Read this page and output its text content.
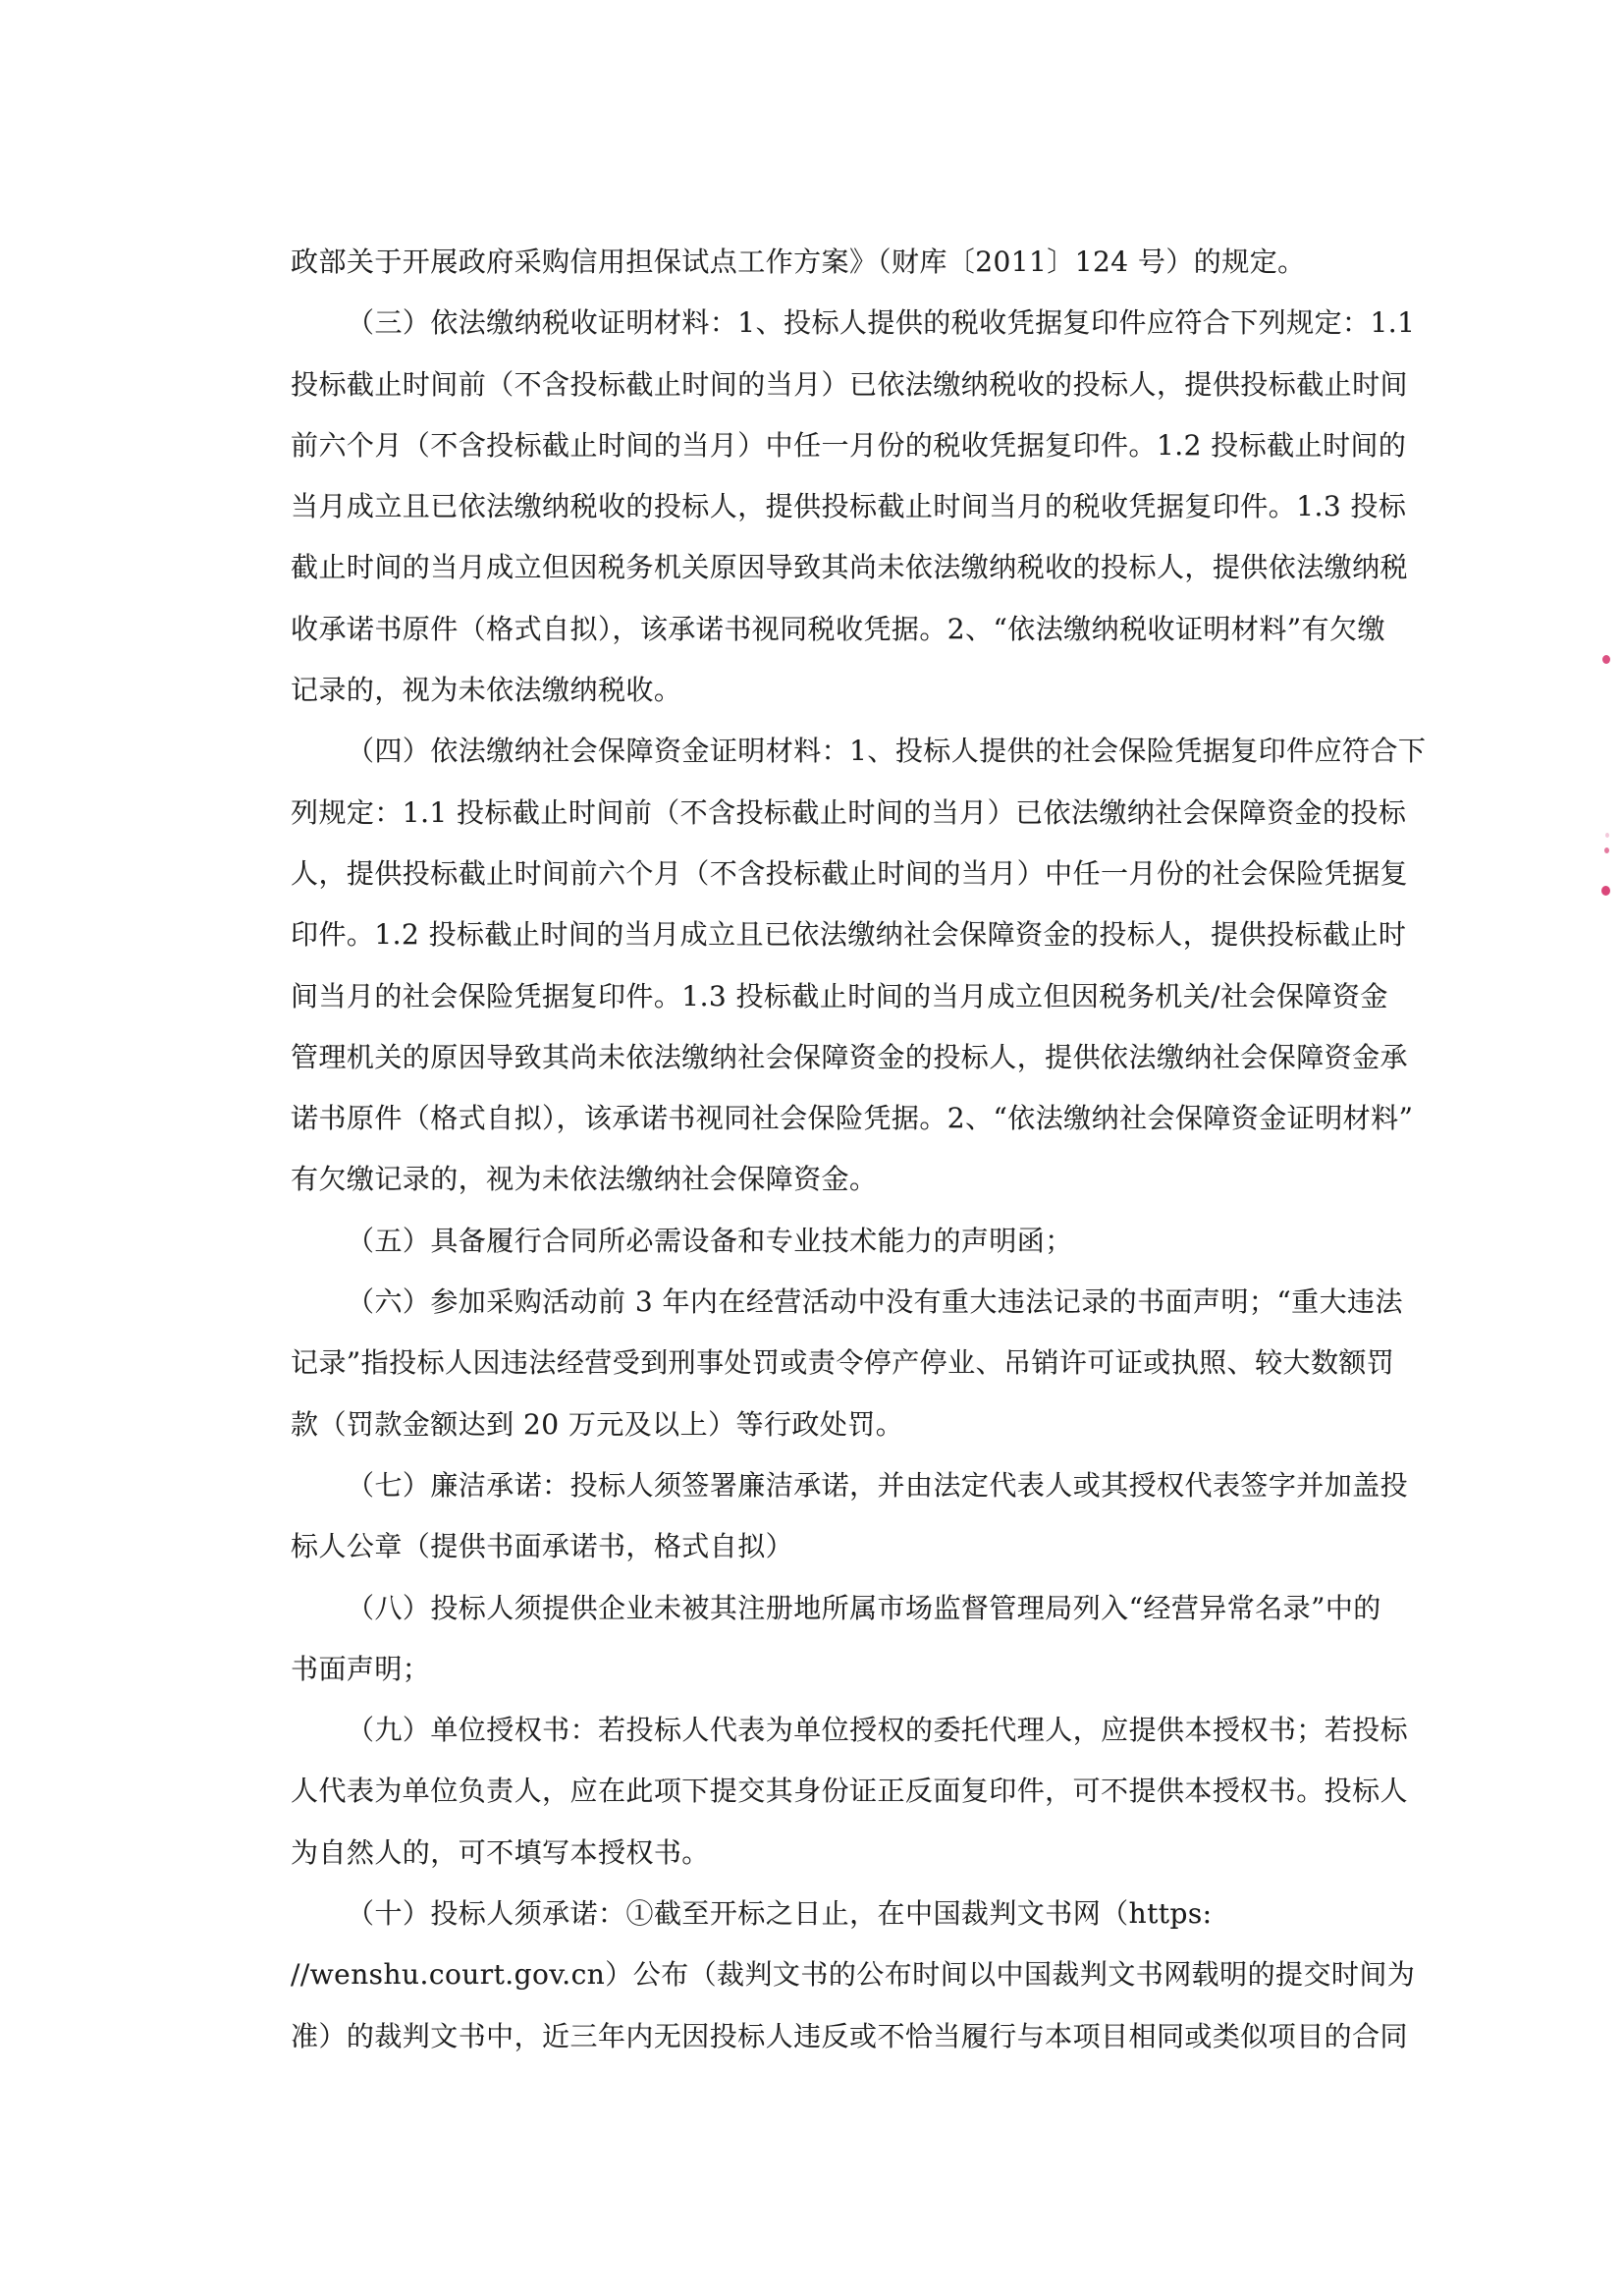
政部关于开展政府采购信用担保试点工作方案》（财库〔2011〕124 号）的规定。
（三）依法缴纳税收证明材料：1、投标人提供的税收凭据复印件应符合下列规定：1.1
投标截止时间前（不含投标截止时间的当月）已依法缴纳税收的投标人，提供投标截止时间
前六个月（不含投标截止时间的当月）中任一月份的税收凭据复印件。1.2 投标截止时间的
当月成立且已依法缴纳税收的投标人，提供投标截止时间当月的税收凭据复印件。1.3 投标
截止时间的当月成立但因税务机关原因导致其尚未依法缴纳税收的投标人，提供依法缴纳税
收承诺书原件（格式自拟），该承诺书视同税收凭据。2、“依法缴纳税收证明材料”有欠缴
记录的，视为未依法缴纳税收。
（四）依法缴纳社会保障资金证明材料：1、投标人提供的社会保险凭据复印件应符合下
列规定：1.1 投标截止时间前（不含投标截止时间的当月）已依法缴纳社会保障资金的投标
人，提供投标截止时间前六个月（不含投标截止时间的当月）中任一月份的社会保险凭据复
印件。1.2 投标截止时间的当月成立且已依法缴纳社会保障资金的投标人，提供投标截止时
间当月的社会保险凭据复印件。1.3 投标截止时间的当月成立但因税务机关/社会保障资金
管理机关的原因导致其尚未依法缴纳社会保障资金的投标人，提供依法缴纳社会保障资金承
诺书原件（格式自拟），该承诺书视同社会保险凭据。2、“依法缴纳社会保障资金证明材料”
有欠缴记录的，视为未依法缴纳社会保障资金。
（五）具备履行合同所必需设备和专业技术能力的声明函；
（六）参加采购活动前 3 年内在经营活动中没有重大违法记录的书面声明；“重大违法
记录”指投标人因违法经营受到刑事处罚或责令停产停业、吊销许可证或执照、较大数额罚
款（罚款金额达到 20 万元及以上）等行政处罚。
（七）廉洁承诺：投标人须签署廉洁承诺，并由法定代表人或其授权代表签字并加盖投
标人公章（提供书面承诺书，格式自拟）
（八）投标人须提供企业未被其注册地所属市场监督管理局列入“经营异常名录”中的
书面声明；
（九）单位授权书：若投标人代表为单位授权的委托代理人，应提供本授权书；若投标
人代表为单位负责人，应在此项下提交其身份证正反面复印件，可不提供本授权书。投标人
为自然人的，可不填写本授权书。
（十）投标人须承诺：①截至开标之日止，在中国裁判文书网（https:
//wenshu.court.gov.cn）公布（裁判文书的公布时间以中国裁判文书网载明的提交时间为
准）的裁判文书中，近三年内无因投标人违反或不恰当履行与本项目相同或类似项目的合同
